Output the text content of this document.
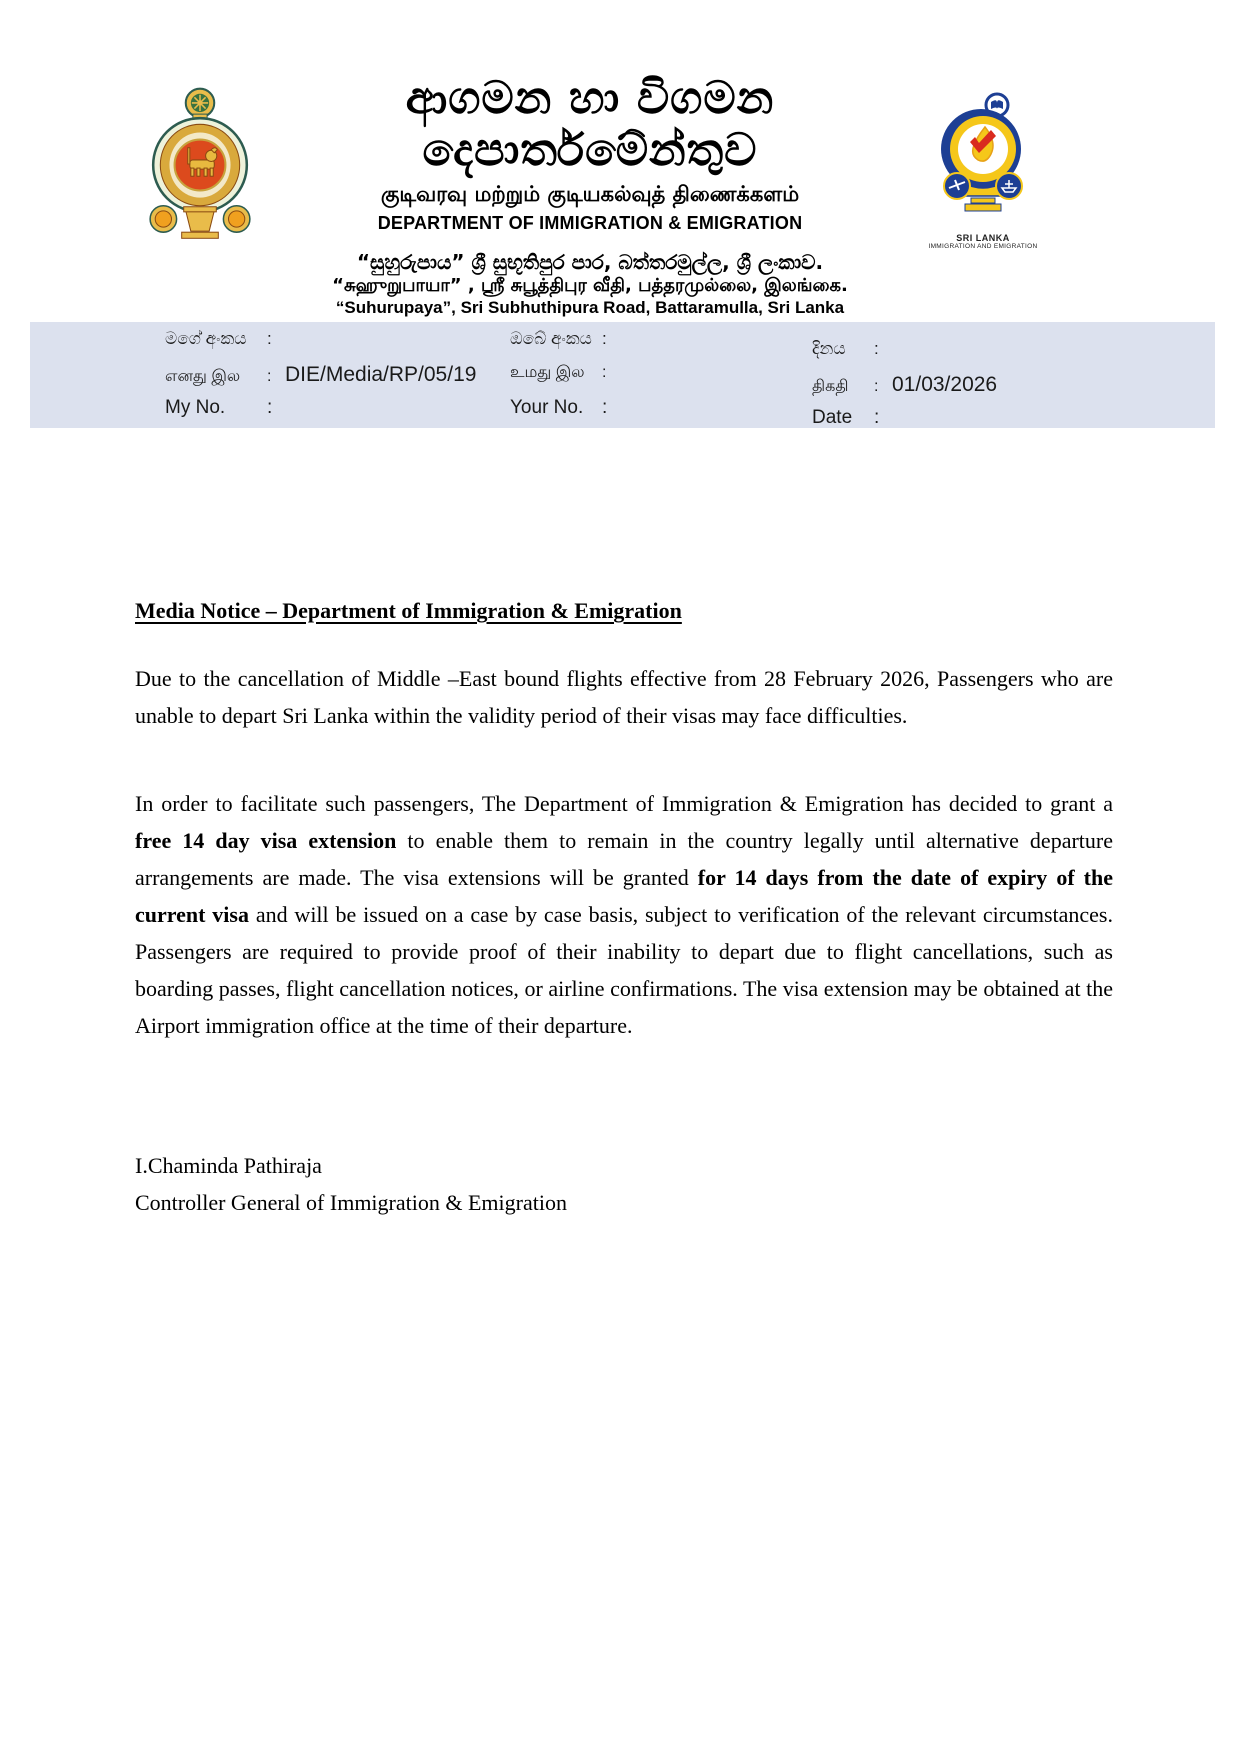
ආගමන හා විගමන
දෙපාර්තමේන්තුව
குடிவரவு மற்றும் குடியகல்வுத் திணைக்களம்
DEPARTMENT OF IMMIGRATION & EMIGRATION
“සුහුරුපාය” ශ්‍රී සුභූතිපුර පාර, බත්තරමුල්ල, ශ්‍රී ලංකාව.
“சுஹுறுபாயா” , ஶ்ரீ சுபூத்திபுர வீதி, பத்தரமுல்லை, இலங்கை.
“Suhurupaya”, Sri Subhuthipura Road, Battaramulla, Sri Lanka
SRI LANKA
IMMIGRATION AND EMIGRATION
මගේ අංකය	:
எனது இல	: DIE/Media/RP/05/19
My No.	:
ඔබේ අංකය :
உமது இல	:
Your No. :
දිනය	:
திகதி	: 01/03/2026
Date	:
Media Notice – Department of Immigration & Emigration
Due to the cancellation of Middle –East bound flights effective from 28 February 2026, Passengers who are unable to depart Sri Lanka within the validity period of their visas may face difficulties.
In order to facilitate such passengers, The Department of Immigration & Emigration has decided to grant a free 14 day visa extension to enable them to remain in the country legally until alternative departure arrangements are made. The visa extensions will be granted for 14 days from the date of expiry of the current visa and will be issued on a case by case basis, subject to verification of the relevant circumstances. Passengers are required to provide proof of their inability to depart due to flight cancellations, such as boarding passes, flight cancellation notices, or airline confirmations. The visa extension may be obtained at the Airport immigration office at the time of their departure.
I.Chaminda Pathiraja
Controller General of Immigration & Emigration
